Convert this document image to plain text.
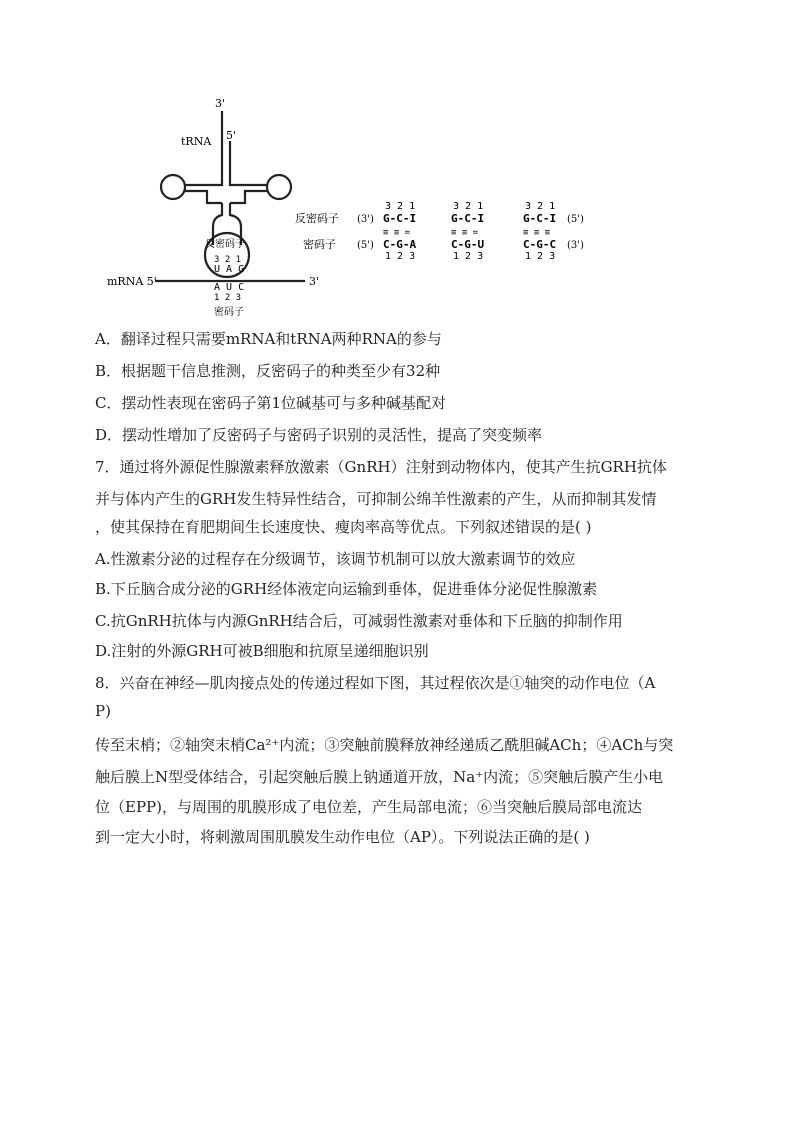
3'
5'
tRNA
反密码子
3 2 1
U A G
A U C
1 2 3
密码子
mRNA 5'	3'
反密码子
密码子
(3')
(5')
3 2 1
G-C-I
≡ ≡ =
C-G-A
1 2 3
3 2 1
G-C-I
≡ ≡ =
C-G-U
1 2 3
3 2 1
G-C-I
≡ ≡ ≡
C-G-C
1 2 3
(5')
(3')
A．翻译过程只需要mRNA和tRNA两种RNA的参与
B．根据题干信息推测，反密码子的种类至少有32种
C．摆动性表现在密码子第1位碱基可与多种碱基配对
D．摆动性增加了反密码子与密码子识别的灵活性，提高了突变频率
7．通过将外源促性腺激素释放激素（GnRH）注射到动物体内，使其产生抗GRH抗体
并与体内产生的GRH发生特异性结合，可抑制公绵羊性激素的产生，从而抑制其发情
，使其保持在育肥期间生长速度快、瘦肉率高等优点。下列叙述错误的是( )
A.性激素分泌的过程存在分级调节，该调节机制可以放大激素调节的效应
B.下丘脑合成分泌的GRH经体液定向运输到垂体，促进垂体分泌促性腺激素
C.抗GnRH抗体与内源GnRH结合后，可减弱性激素对垂体和下丘脑的抑制作用
D.注射的外源GRH可被B细胞和抗原呈递细胞识别
8．兴奋在神经—肌肉接点处的传递过程如下图，其过程依次是①轴突的动作电位（A
P)
传至末梢；②轴突末梢Ca²⁺内流；③突触前膜释放神经递质乙酰胆碱ACh；④ACh与突
触后膜上N型受体结合，引起突触后膜上钠通道开放，Na⁺内流；⑤突触后膜产生小电
位（EPP)，与周围的肌膜形成了电位差，产生局部电流；⑥当突触后膜局部电流达
到一定大小时，将刺激周围肌膜发生动作电位（AP）。下列说法正确的是( )
